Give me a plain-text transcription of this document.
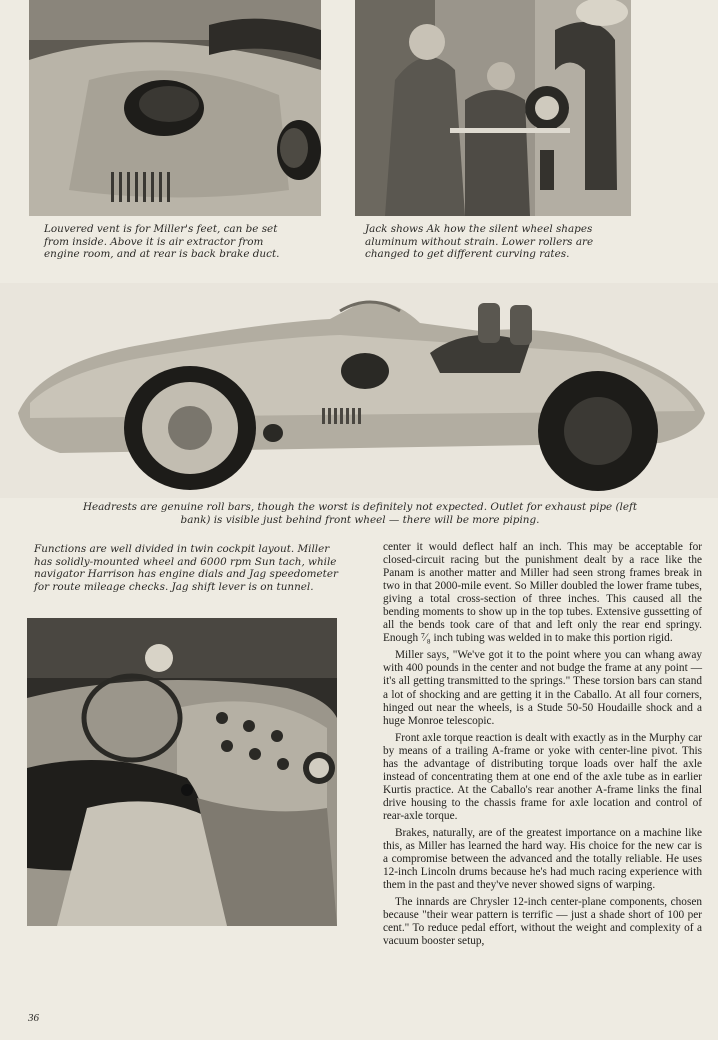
Louvered vent is for Miller's feet, can be set from inside. Above it is air extractor from engine room, and at rear is back brake duct.

Jack shows Ak how the silent wheel shapes aluminum without strain. Lower rollers are changed to get different curving rates.

Headrests are genuine roll bars, though the worst is definitely not expected. Outlet for exhaust pipe (left bank) is visible just behind front wheel — there will be more piping.

Functions are well divided in twin cockpit layout. Miller has solidly-mounted wheel and 6000 rpm Sun tach, while navigator Harrison has engine dials and Jag speedometer for route mileage checks. Jag shift lever is on tunnel.

center it would deflect half an inch. This may be acceptable for closed-circuit racing but the punishment dealt by a race like the Panam is another matter and Miller had seen strong frames break in two in that 2000-mile event. So Miller doubled the lower frame tubes, giving a total cross-section of three inches. This caused all the bending moments to show up in the top tubes. Extensive gussetting of all the bends took care of that and left only the rear end springy. Enough ⁷⁄₈ inch tubing was welded in to make this portion rigid.

Miller says, "We've got it to the point where you can whang away with 400 pounds in the center and not budge the frame at any point — it's all getting transmitted to the springs." These torsion bars can stand a lot of shocking and are getting it in the Caballo. At all four corners, hinged out near the wheels, is a Stude 50-50 Houdaille shock and a huge Monroe telescopic.

Front axle torque reaction is dealt with exactly as in the Murphy car by means of a trailing A-frame or yoke with center-line pivot. This has the advantage of distributing torque loads over half the axle instead of concentrating them at one end of the axle tube as in earlier Kurtis practice. At the Caballo's rear another A-frame links the final drive housing to the chassis frame for axle location and control of rear-axle torque.

Brakes, naturally, are of the greatest importance on a machine like this, as Miller has learned the hard way. His choice for the new car is a compromise between the advanced and the totally reliable. He uses 12-inch Lincoln drums because he's had much racing experience with them in the past and they've never showed signs of warping.

The innards are Chrysler 12-inch center-plane components, chosen because "their wear pattern is terrific — just a shade short of 100 per cent." To reduce pedal effort, without the weight and complexity of a vacuum booster setup,

36
